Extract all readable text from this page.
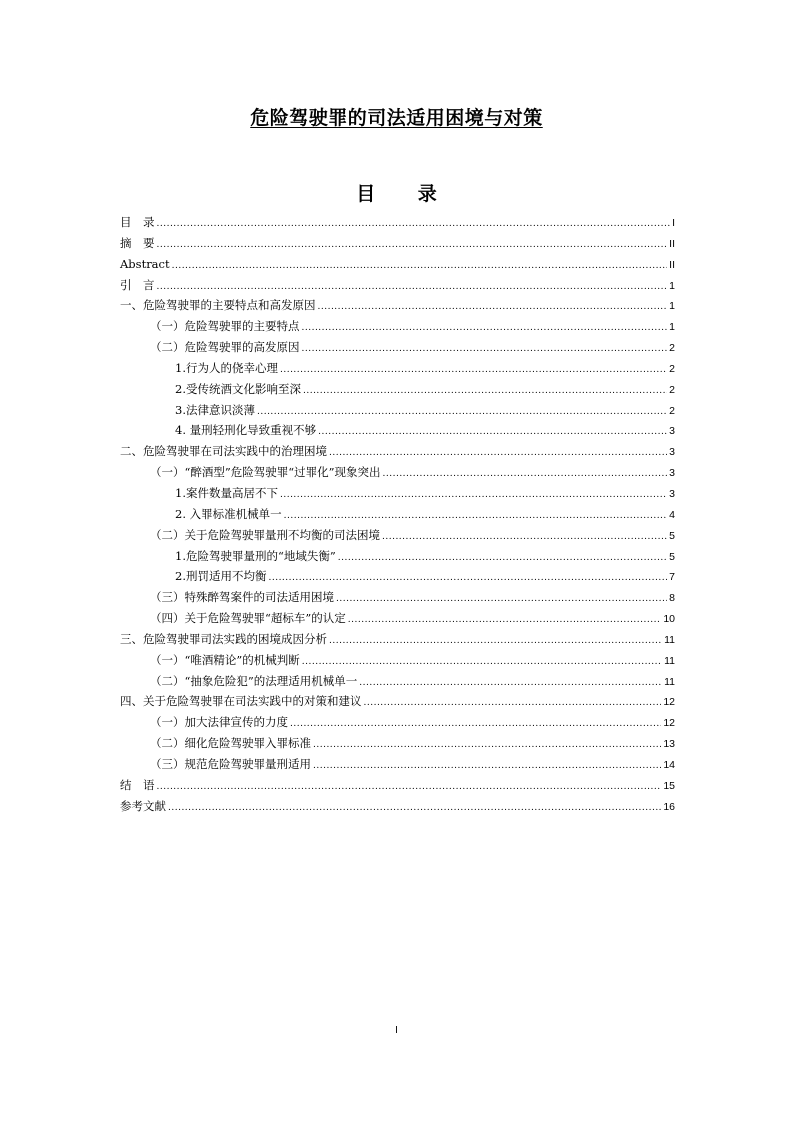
危险驾驶罪的司法适用困境与对策
目 录
目　录 .....	I
摘　要 .....	II
Abstract .....	II
引　言 .....	1
一、危险驾驶罪的主要特点和高发原因 .....	1
（一）危险驾驶罪的主要特点 .....	1
（二）危险驾驶罪的高发原因 .....	2
1.行为人的侥幸心理 .....	2
2.受传统酒文化影响至深 .....	2
3.法律意识淡薄 .....	2
4. 量刑轻刑化导致重视不够 .....	3
二、危险驾驶罪在司法实践中的治理困境 .....	3
（一）“醉酒型”危险驾驶罪“过罪化”现象突出 .....	3
1.案件数量高居不下 .....	3
2. 入罪标准机械单一 .....	4
（二）关于危险驾驶罪量刑不均衡的司法困境 .....	5
1.危险驾驶罪量刑的“地域失衡” .....	5
2.刑罚适用不均衡 .....	7
（三）特殊醉驾案件的司法适用困境 .....	8
（四）关于危险驾驶罪“超标车”的认定 .....	10
三、危险驾驶罪司法实践的困境成因分析 .....	11
（一）“唯酒精论”的机械判断 .....	11
（二）“抽象危险犯”的法理适用机械单一 .....	11
四、关于危险驾驶罪在司法实践中的对策和建议 .....	12
（一）加大法律宣传的力度 .....	12
（二）细化危险驾驶罪入罪标准 .....	13
（三）规范危险驾驶罪量刑适用 .....	14
结　语 .....	15
参考文献 .....	16
I
